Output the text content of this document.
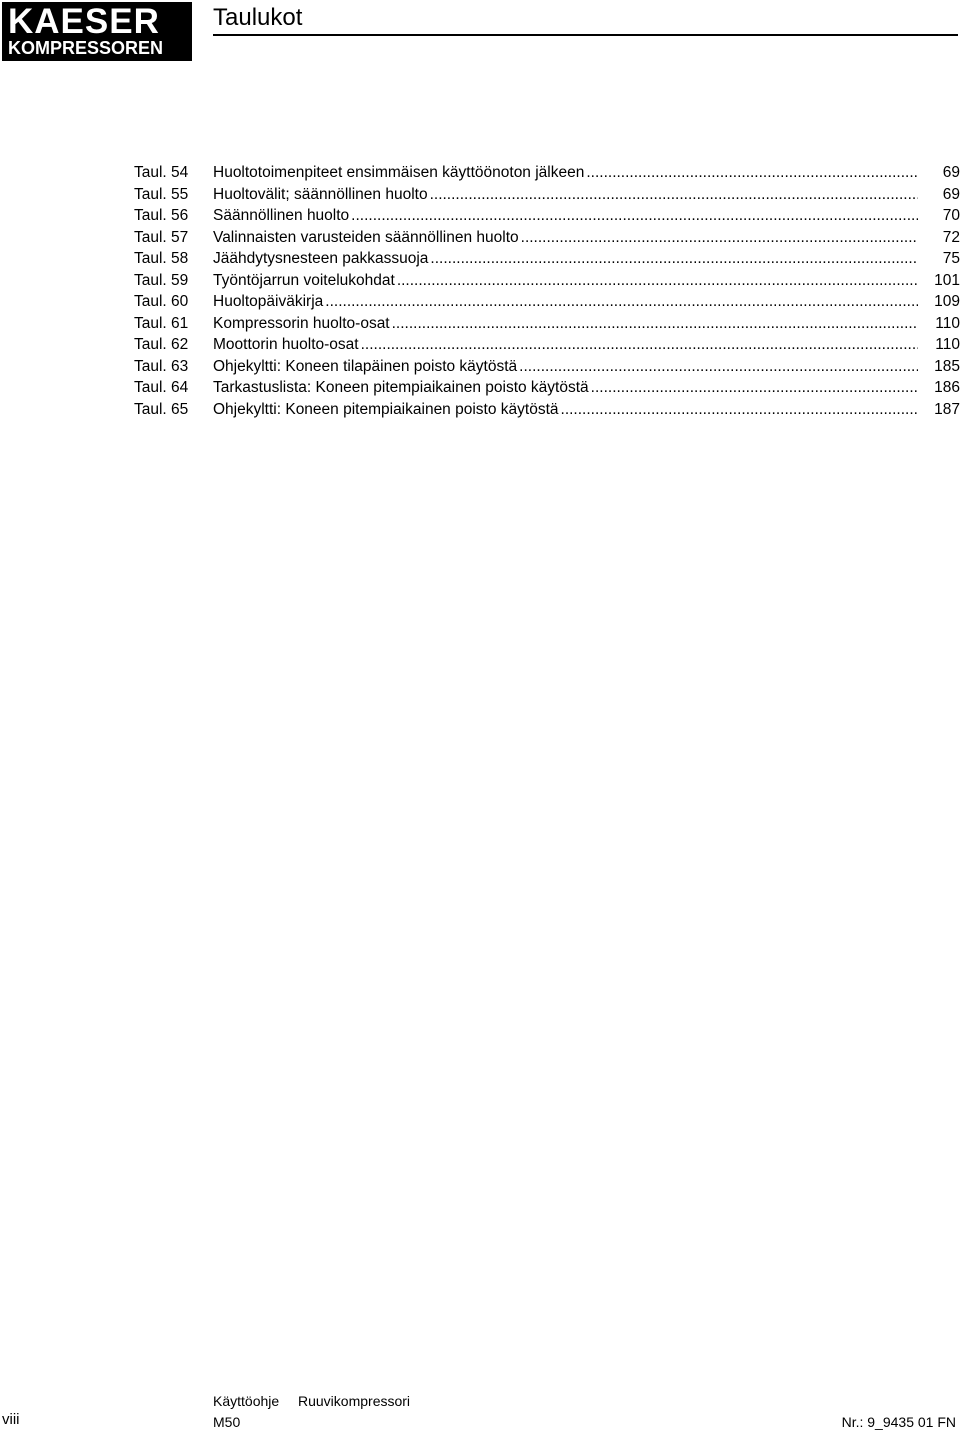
KAESER
KOMPRESSOREN
Taulukot
Taul. 54	Huoltotoimenpiteet ensimmäisen käyttöönoton jälkeen .....	69
Taul. 55	Huoltovälit; säännöllinen huolto .....	69
Taul. 56	Säännöllinen huolto .....	70
Taul. 57	Valinnaisten varusteiden säännöllinen huolto .....	72
Taul. 58	Jäähdytysnesteen pakkassuoja .....	75
Taul. 59	Työntöjarrun voitelukohdat .....	101
Taul. 60	Huoltopäiväkirja .....	109
Taul. 61	Kompressorin huolto-osat .....	110
Taul. 62	Moottorin huolto-osat .....	110
Taul. 63	Ohjekyltti: Koneen tilapäinen poisto käytöstä .....	185
Taul. 64	Tarkastuslista: Koneen pitempiaikainen poisto käytöstä .....	186
Taul. 65	Ohjekyltti: Koneen pitempiaikainen poisto käytöstä .....	187
viii
Käyttöohje Ruuvikompressori
M50	Nr.: 9_9435 01 FN
